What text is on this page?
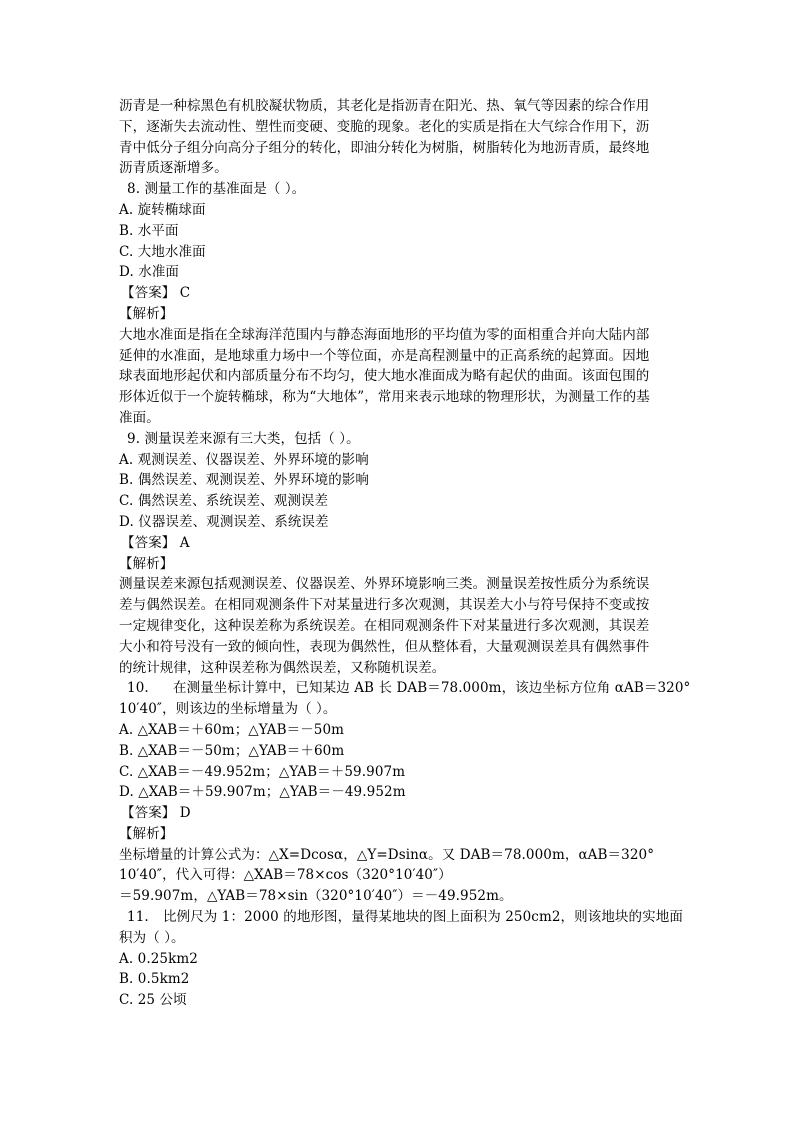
沥青是一种棕黑色有机胶凝状物质，其老化是指沥青在阳光、热、氧气等因素的综合作用
下，逐渐失去流动性、塑性而变硬、变脆的现象。老化的实质是指在大气综合作用下，沥
青中低分子组分向高分子组分的转化，即油分转化为树脂，树脂转化为地沥青质，最终地
沥青质逐渐增多。
8. 测量工作的基准面是（ ）。
A. 旋转椭球面
B. 水平面
C. 大地水准面
D. 水准面
【答案】 C
【解析】
大地水准面是指在全球海洋范围内与静态海面地形的平均值为零的面相重合并向大陆内部
延伸的水准面，是地球重力场中一个等位面，亦是高程测量中的正高系统的起算面。因地
球表面地形起伏和内部质量分布不均匀，使大地水准面成为略有起伏的曲面。该面包围的
形体近似于一个旋转椭球，称为“大地体”，常用来表示地球的物理形状，为测量工作的基
准面。
9. 测量误差来源有三大类，包括（ ）。
A. 观测误差、仪器误差、外界环境的影响
B. 偶然误差、观测误差、外界环境的影响
C. 偶然误差、系统误差、观测误差
D. 仪器误差、观测误差、系统误差
【答案】 A
【解析】
测量误差来源包括观测误差、仪器误差、外界环境影响三类。测量误差按性质分为系统误
差与偶然误差。在相同观测条件下对某量进行多次观测，其误差大小与符号保持不变或按
一定规律变化，这种误差称为系统误差。在相同观测条件下对某量进行多次观测，其误差
大小和符号没有一致的倾向性，表现为偶然性，但从整体看，大量观测误差具有偶然事件
的统计规律，这种误差称为偶然误差，又称随机误差。
10. 在测量坐标计算中，已知某边 AB 长 DAB＝78.000m，该边坐标方位角 αAB＝320°
10′40″，则该边的坐标增量为（ ）。
A. △XAB＝＋60m；△YAB＝－50m
B. △XAB＝－50m；△YAB＝＋60m
C. △XAB＝－49.952m；△YAB＝＋59.907m
D. △XAB＝＋59.907m；△YAB＝－49.952m
【答案】 D
【解析】
坐标增量的计算公式为：△X=Dcosα，△Y=Dsinα。又 DAB＝78.000m，αAB＝320°
10′40″，代入可得：△XAB＝78×cos（320°10′40″）
＝59.907m，△YAB＝78×sin（320°10′40″）＝－49.952m。
11. 比例尺为 1：2000 的地形图，量得某地块的图上面积为 250cm2，则该地块的实地面
积为（ ）。
A. 0.25km2
B. 0.5km2
C. 25 公顷
